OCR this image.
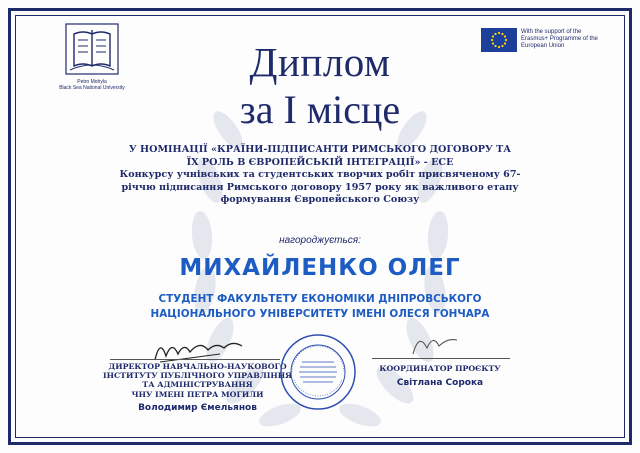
Petro Mohyla
Black Sea National University
With the support of the Erasmus+ Programme of the European Union
Диплом
за І місце
У НОМІНАЦІЇ «КРАЇНИ-ПІДПИСАНТИ РИМСЬКОГО ДОГОВОРУ ТА
ЇХ РОЛЬ В ЄВРОПЕЙСЬКІЙ ІНТЕГРАЦІЇ» - ЕСЕ
Конкурсу учнівських та студентських творчих робіт присвяченому 67-
річчю підписання Римського договору 1957 року як важливого етапу
формування Європейського Союзу
нагороджується:
МИХАЙЛЕНКО ОЛЕГ
СТУДЕНТ ФАКУЛЬТЕТУ ЕКОНОМІКИ ДНІПРОВСЬКОГО
НАЦІОНАЛЬНОГО УНІВЕРСИТЕТУ ІМЕНІ ОЛЕСЯ ГОНЧАРА
ДИРЕКТОР НАВЧАЛЬНО-НАУКОВОГО
ІНСТИТУТУ ПУБЛІЧНОГО УПРАВЛІННЯ
ТА АДМІНІСТРУВАННЯ
ЧНУ ІМЕНІ ПЕТРА МОГИЛИ
Володимир Ємельянов
КООРДИНАТОР ПРОЄКТУ
Світлана Сорока
